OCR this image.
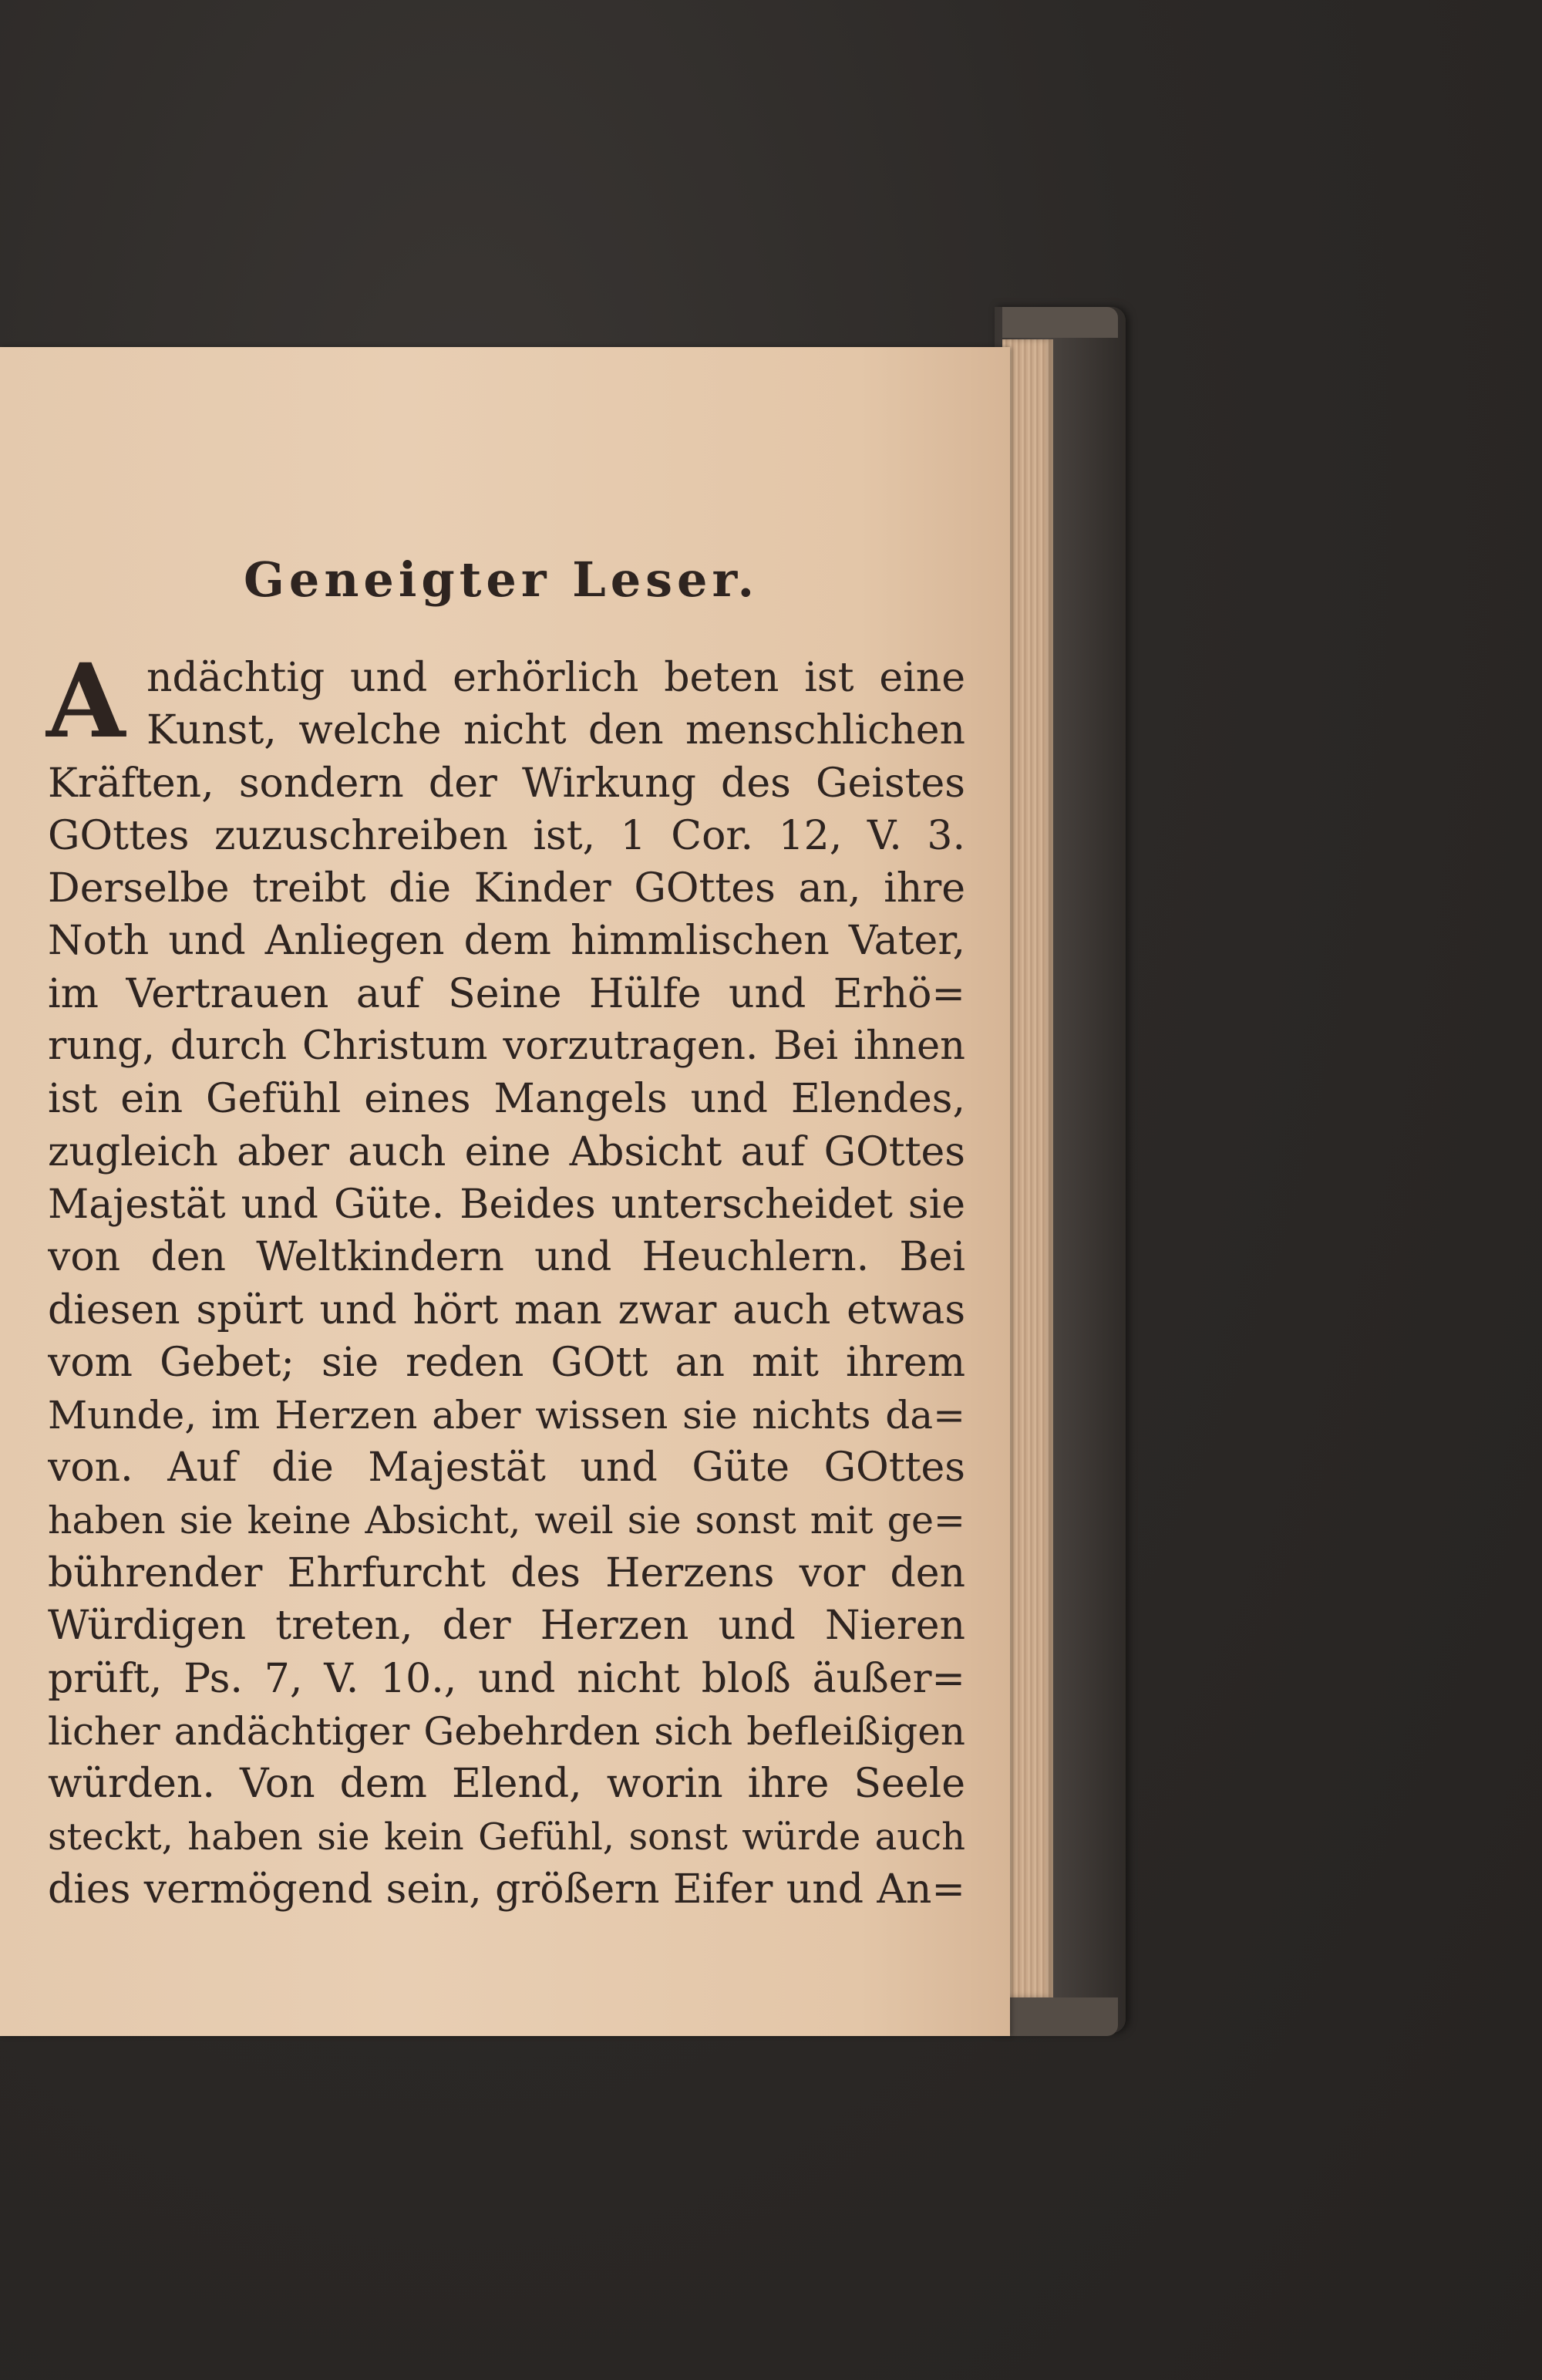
Geneigter Leser.
A ndächtig und erhörlich beten ist eine
Kunst, welche nicht den menschlichen
Kräften, sondern der Wirkung des Geistes
GOttes zuzuschreiben ist, 1 Cor. 12, V. 3.
Derselbe treibt die Kinder GOttes an, ihre
Noth und Anliegen dem himmlischen Vater,
im Vertrauen auf Seine Hülfe und Erhö=
rung, durch Christum vorzutragen. Bei ihnen
ist ein Gefühl eines Mangels und Elendes,
zugleich aber auch eine Absicht auf GOttes
Majestät und Güte. Beides unterscheidet sie
von den Weltkindern und Heuchlern. Bei
diesen spürt und hört man zwar auch etwas
vom Gebet; sie reden GOtt an mit ihrem
Munde, im Herzen aber wissen sie nichts da=
von. Auf die Majestät und Güte GOttes
haben sie keine Absicht, weil sie sonst mit ge=
bührender Ehrfurcht des Herzens vor den
Würdigen treten, der Herzen und Nieren
prüft, Ps. 7, V. 10., und nicht bloß äußer=
licher andächtiger Gebehrden sich befleißigen
würden. Von dem Elend, worin ihre Seele
steckt, haben sie kein Gefühl, sonst würde auch
dies vermögend sein, größern Eifer und An=
